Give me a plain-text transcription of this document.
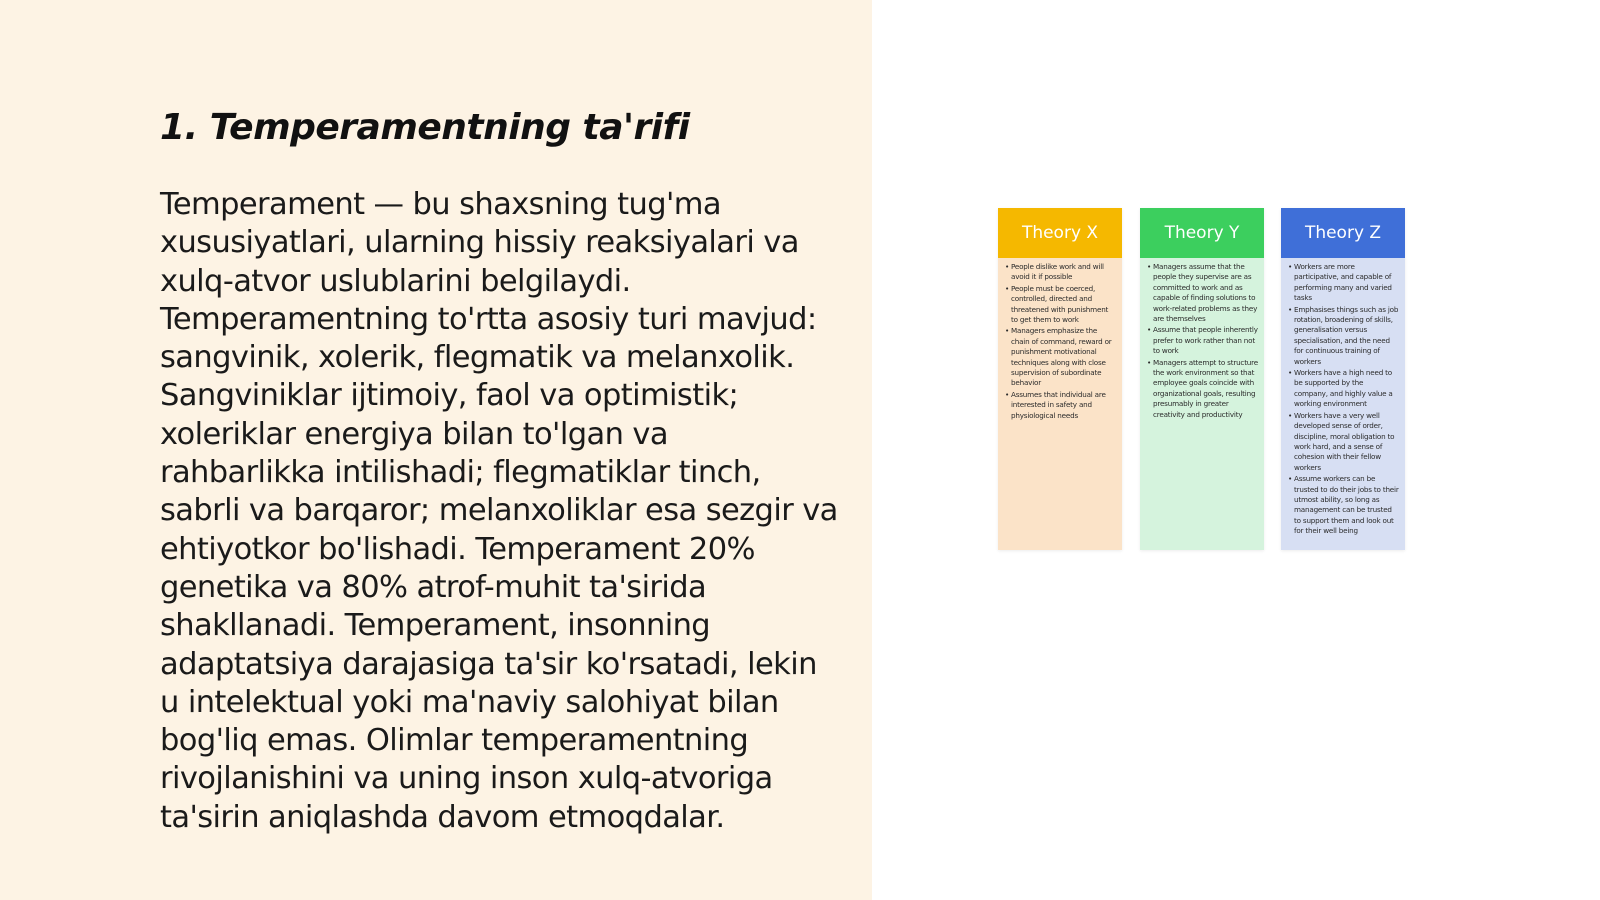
1. Temperamentning ta'rifi

Temperament — bu shaxsning tug'ma xususiyatlari, ularning hissiy reaksiyalari va xulq-atvor uslublarini belgilaydi. Temperamentning to'rtta asosiy turi mavjud: sangvinik, xolerik, flegmatik va melanxolik. Sangviniklar ijtimoiy, faol va optimistik; xoleriklar energiya bilan to'lgan va rahbarlikka intilishadi; flegmatiklar tinch, sabrli va barqaror; melanxoliklar esa sezgir va ehtiyotkor bo'lishadi. Temperament 20% genetika va 80% atrof-muhit ta'sirida shakllanadi. Temperament, insonning adaptatsiya darajasiga ta'sir ko'rsatadi, lekin u intelektual yoki ma'naviy salohiyat bilan bog'liq emas. Olimlar temperamentning rivojlanishini va uning inson xulq-atvoriga ta'sirin aniqlashda davom etmoqdalar.

Theory X
• People dislike work and will avoid it if possible
• People must be coerced, controlled, directed and threatened with punishment to get them to work
• Managers emphasize the chain of command, reward or punishment motivational techniques along with close supervision of subordinate behavior
• Assumes that individual are interested in safety and physiological needs
Theory Y
• Managers assume that the people they supervise are as committed to work and as capable of finding solutions to work-related problems as they are themselves
• Assume that people inherently prefer to work rather than not to work
• Managers attempt to structure the work environment so that employee goals coincide with organizational goals, resulting presumably in greater creativity and productivity
Theory Z
• Workers are more participative, and capable of performing many and varied tasks
• Emphasises things such as job rotation, broadening of skills, generalisation versus specialisation, and the need for continuous training of workers
• Workers have a high need to be supported by the company, and highly value a working environment
• Workers have a very well developed sense of order, discipline, moral obligation to work hard, and a sense of cohesion with their fellow workers
• Assume workers can be trusted to do their jobs to their utmost ability, so long as management can be trusted to support them and look out for their well being
